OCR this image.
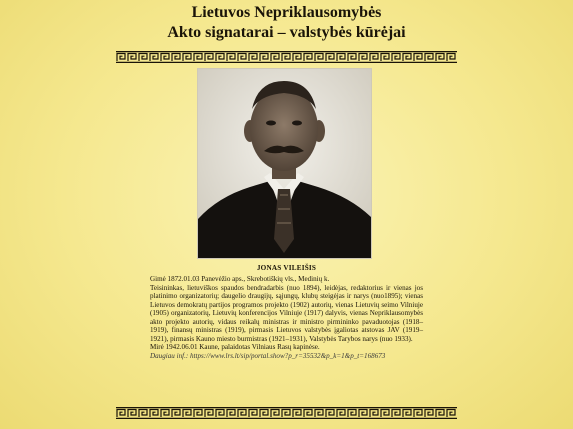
Lietuvos Nepriklausomybės
Akto signatarai – valstybės kūrėjai
JONAS VILEIŠIS

Gimė 1872.01.03 Panevėžio aps., Skrebotiškių vls., Medinių k.

Teisininkas, lietuviškos spaudos bendradarbis (nuo 1894), leidėjas, redaktorius ir vienas jos platinimo organizatorių; daugelio draugijų, sąjungų, klubų steigėjas ir narys (nuo1895); vienas Lietuvos demokratų partijos programos projekto (1902) autorių, vienas Lietuvių seimo Vilniuje (1905) organizatorių, Lietuvių konferencijos Vilniuje (1917) dalyvis, vienas Nepriklausomybės akto projekto autorių, vidaus reikalų ministras ir ministro pirmininko pavaduotojas (1918–1919), finansų ministras (1919), pirmasis Lietuvos valstybės įgaliotas atstovas JAV (1919–1921), pirmasis Kauno miesto burmistras (1921–1931), Valstybės Tarybos narys (nuo 1933).

Mirė 1942.06.01 Kaune, palaidotas Vilniaus Rasų kapinėse.

Daugiau inf.: https://www.lrs.lt/sip/portal.show?p_r=35532&p_k=1&p_t=168673
